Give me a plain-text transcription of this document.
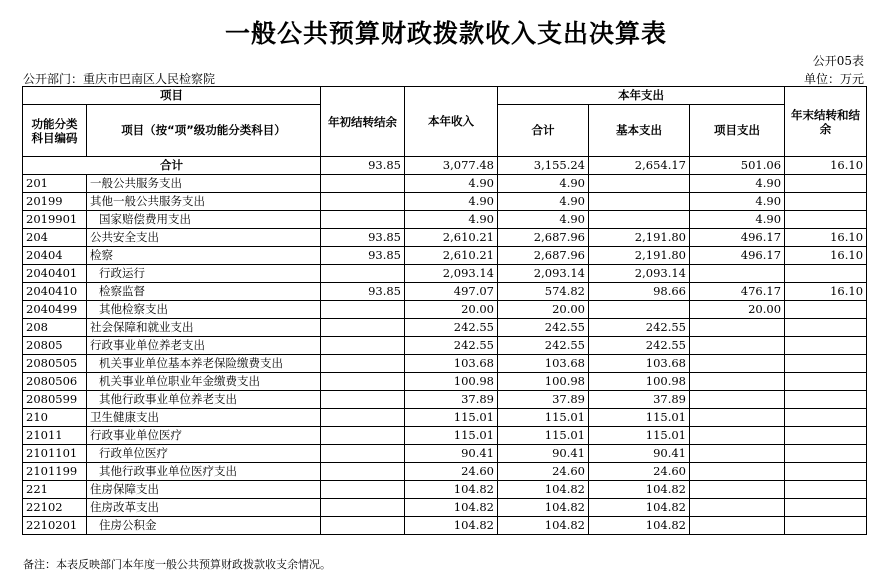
一般公共预算财政拨款收入支出决算表
公开05表
公开部门：重庆市巴南区人民检察院	单位：万元
项目		年初结转结余	本年收入	本年支出			年末结转和结余
功能分类科目编码	项目（按“项”级功能分类科目）			合计	基本支出	项目支出	
合计		93.85	3,077.48	3,155.24	2,654.17	501.06	16.10
201	一般公共服务支出		4.90	4.90		4.90	
20199	其他一般公共服务支出		4.90	4.90		4.90	
2019901	国家赔偿费用支出		4.90	4.90		4.90	
204	公共安全支出	93.85	2,610.21	2,687.96	2,191.80	496.17	16.10
20404	检察	93.85	2,610.21	2,687.96	2,191.80	496.17	16.10
2040401	行政运行		2,093.14	2,093.14	2,093.14		
2040410	检察监督	93.85	497.07	574.82	98.66	476.17	16.10
2040499	其他检察支出		20.00	20.00		20.00	
208	社会保障和就业支出		242.55	242.55	242.55		
20805	行政事业单位养老支出		242.55	242.55	242.55		
2080505	机关事业单位基本养老保险缴费支出		103.68	103.68	103.68		
2080506	机关事业单位职业年金缴费支出		100.98	100.98	100.98		
2080599	其他行政事业单位养老支出		37.89	37.89	37.89		
210	卫生健康支出		115.01	115.01	115.01		
21011	行政事业单位医疗		115.01	115.01	115.01		
2101101	行政单位医疗		90.41	90.41	90.41		
2101199	其他行政事业单位医疗支出		24.60	24.60	24.60		
221	住房保障支出		104.82	104.82	104.82		
22102	住房改革支出		104.82	104.82	104.82		
2210201	住房公积金		104.82	104.82	104.82		
备注：本表反映部门本年度一般公共预算财政拨款收支余情况。
